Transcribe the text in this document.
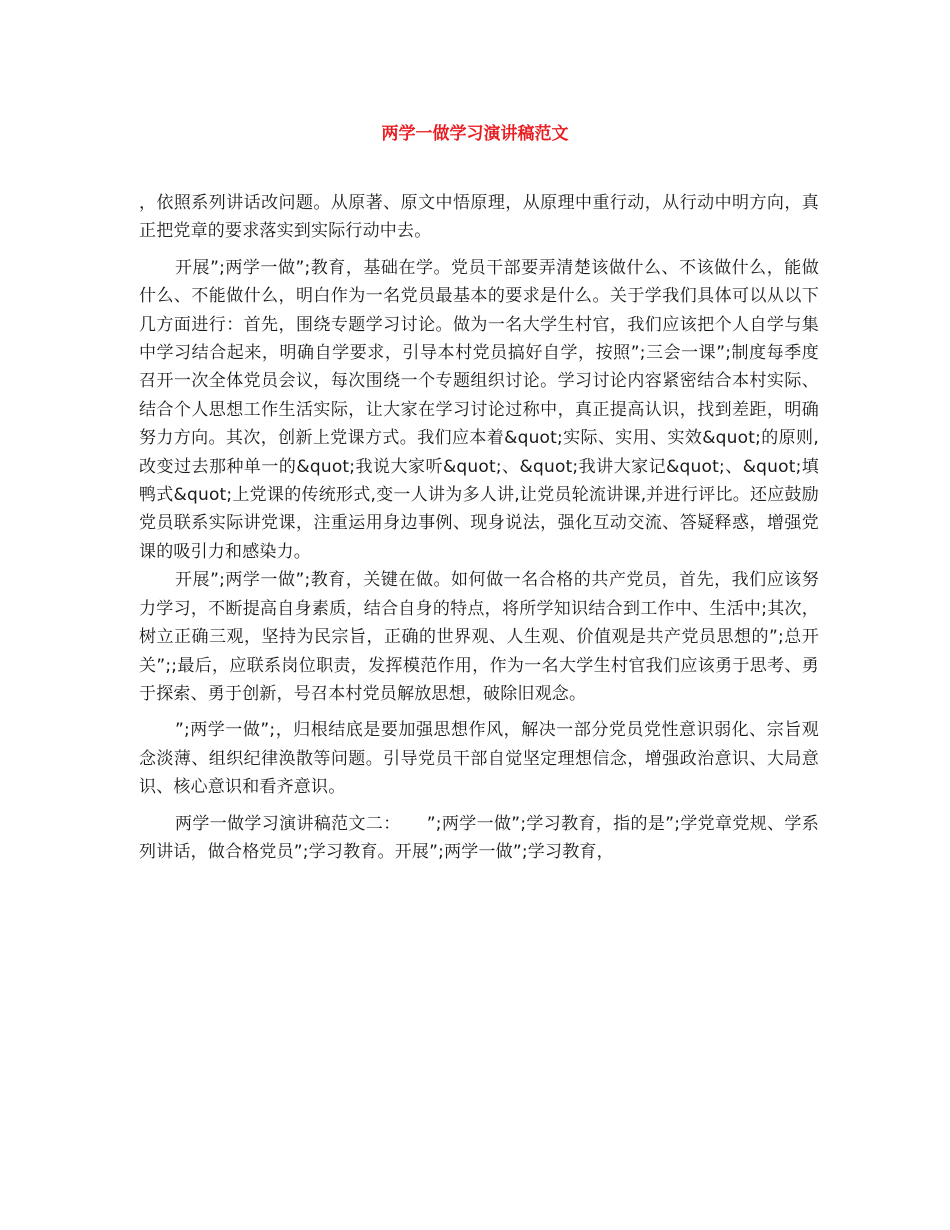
两学一做学习演讲稿范文

，依照系列讲话改问题。从原著、原文中悟原理，从原理中重行动，从行动中明方向，真正把党章的要求落实到实际行动中去。

开展”;两学一做”;教育，基础在学。党员干部要弄清楚该做什么、不该做什么，能做什么、不能做什么，明白作为一名党员最基本的要求是什么。关于学我们具体可以从以下几方面进行：首先，围绕专题学习讨论。做为一名大学生村官，我们应该把个人自学与集中学习结合起来，明确自学要求，引导本村党员搞好自学，按照”;三会一课”;制度每季度召开一次全体党员会议，每次围绕一个专题组织讨论。学习讨论内容紧密结合本村实际、结合个人思想工作生活实际，让大家在学习讨论过称中，真正提高认识，找到差距，明确努力方向。其次，创新上党课方式。我们应本着&quot;实际、实用、实效&quot;的原则,改变过去那种单一的&quot;我说大家听&quot;、&quot;我讲大家记&quot;、&quot;填鸭式&quot;上党课的传统形式,变一人讲为多人讲,让党员轮流讲课,并进行评比。还应鼓励党员联系实际讲党课，注重运用身边事例、现身说法，强化互动交流、答疑释惑，增强党课的吸引力和感染力。

开展”;两学一做”;教育，关键在做。如何做一名合格的共产党员，首先，我们应该努力学习，不断提高自身素质，结合自身的特点，将所学知识结合到工作中、生活中;其次，树立正确三观，坚持为民宗旨，正确的世界观、人生观、价值观是共产党员思想的”;总开关”;;最后，应联系岗位职责，发挥模范作用，作为一名大学生村官我们应该勇于思考、勇于探索、勇于创新，号召本村党员解放思想，破除旧观念。

”;两学一做”;，归根结底是要加强思想作风，解决一部分党员党性意识弱化、宗旨观念淡薄、组织纪律涣散等问题。引导党员干部自觉坚定理想信念，增强政治意识、大局意识、核心意识和看齐意识。

两学一做学习演讲稿范文二：　　”;两学一做”;学习教育，指的是”;学党章党规、学系列讲话，做合格党员”;学习教育。开展”;两学一做”;学习教育，
